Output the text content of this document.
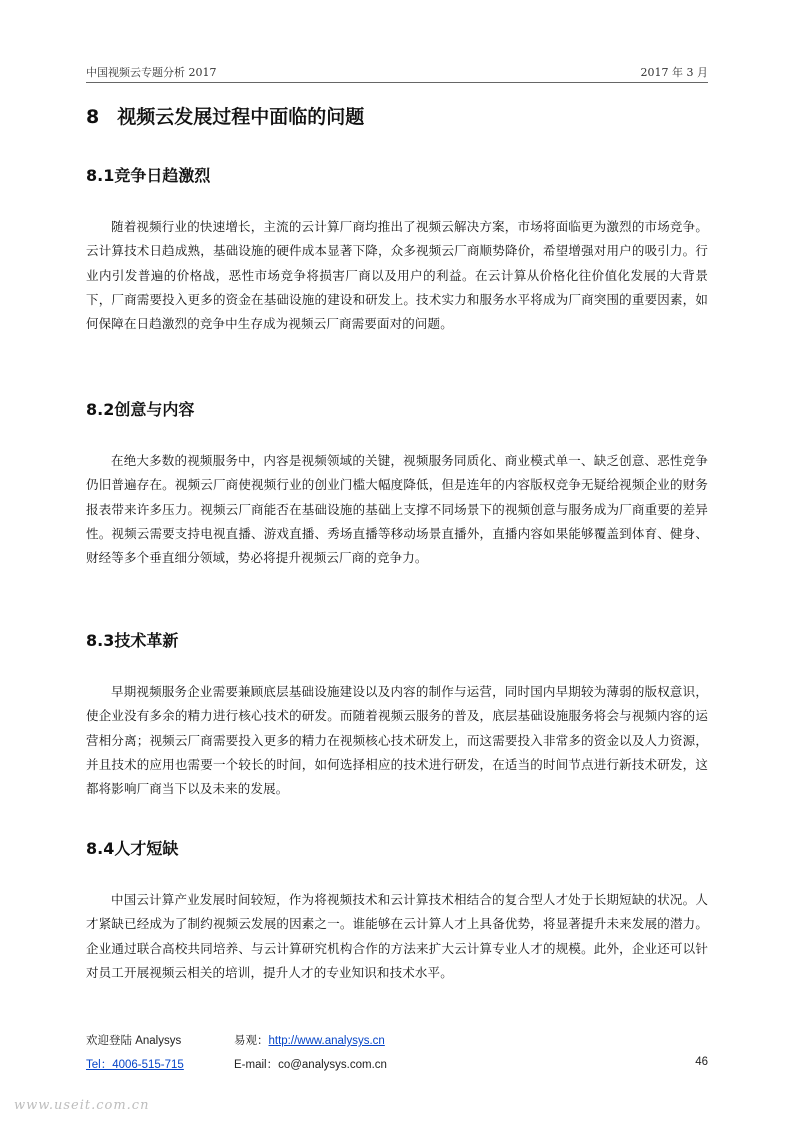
中国视频云专题分析 2017	2017 年 3 月
8 视频云发展过程中面临的问题
8.1竞争日趋激烈

随着视频行业的快速增长，主流的云计算厂商均推出了视频云解决方案，市场将面临更为激烈的市场竞争。云计算技术日趋成熟，基础设施的硬件成本显著下降，众多视频云厂商顺势降价，希望增强对用户的吸引力。行业内引发普遍的价格战，恶性市场竞争将损害厂商以及用户的利益。在云计算从价格化往价值化发展的大背景下，厂商需要投入更多的资金在基础设施的建设和研发上。技术实力和服务水平将成为厂商突围的重要因素，如何保障在日趋激烈的竞争中生存成为视频云厂商需要面对的问题。

8.2创意与内容

在绝大多数的视频服务中，内容是视频领域的关键，视频服务同质化、商业模式单一、缺乏创意、恶性竞争仍旧普遍存在。视频云厂商使视频行业的创业门槛大幅度降低，但是连年的内容版权竞争无疑给视频企业的财务报表带来许多压力。视频云厂商能否在基础设施的基础上支撑不同场景下的视频创意与服务成为厂商重要的差异性。视频云需要支持电视直播、游戏直播、秀场直播等移动场景直播外，直播内容如果能够覆盖到体育、健身、财经等多个垂直细分领域，势必将提升视频云厂商的竞争力。

8.3技术革新

早期视频服务企业需要兼顾底层基础设施建设以及内容的制作与运营，同时国内早期较为薄弱的版权意识，使企业没有多余的精力进行核心技术的研发。而随着视频云服务的普及，底层基础设施服务将会与视频内容的运营相分离；视频云厂商需要投入更多的精力在视频核心技术研发上，而这需要投入非常多的资金以及人力资源，并且技术的应用也需要一个较长的时间，如何选择相应的技术进行研发，在适当的时间节点进行新技术研发，这都将影响厂商当下以及未来的发展。

8.4人才短缺

中国云计算产业发展时间较短，作为将视频技术和云计算技术相结合的复合型人才处于长期短缺的状况。人才紧缺已经成为了制约视频云发展的因素之一。谁能够在云计算人才上具备优势，将显著提升未来发展的潜力。企业通过联合高校共同培养、与云计算研究机构合作的方法来扩大云计算专业人才的规模。此外，企业还可以针对员工开展视频云相关的培训，提升人才的专业知识和技术水平。

欢迎登陆 Analysys	易观：http://www.analysys.cn
Tel：4006-515-715	E-mail：co@analysys.com.cn	46
www.useit.com.cn
